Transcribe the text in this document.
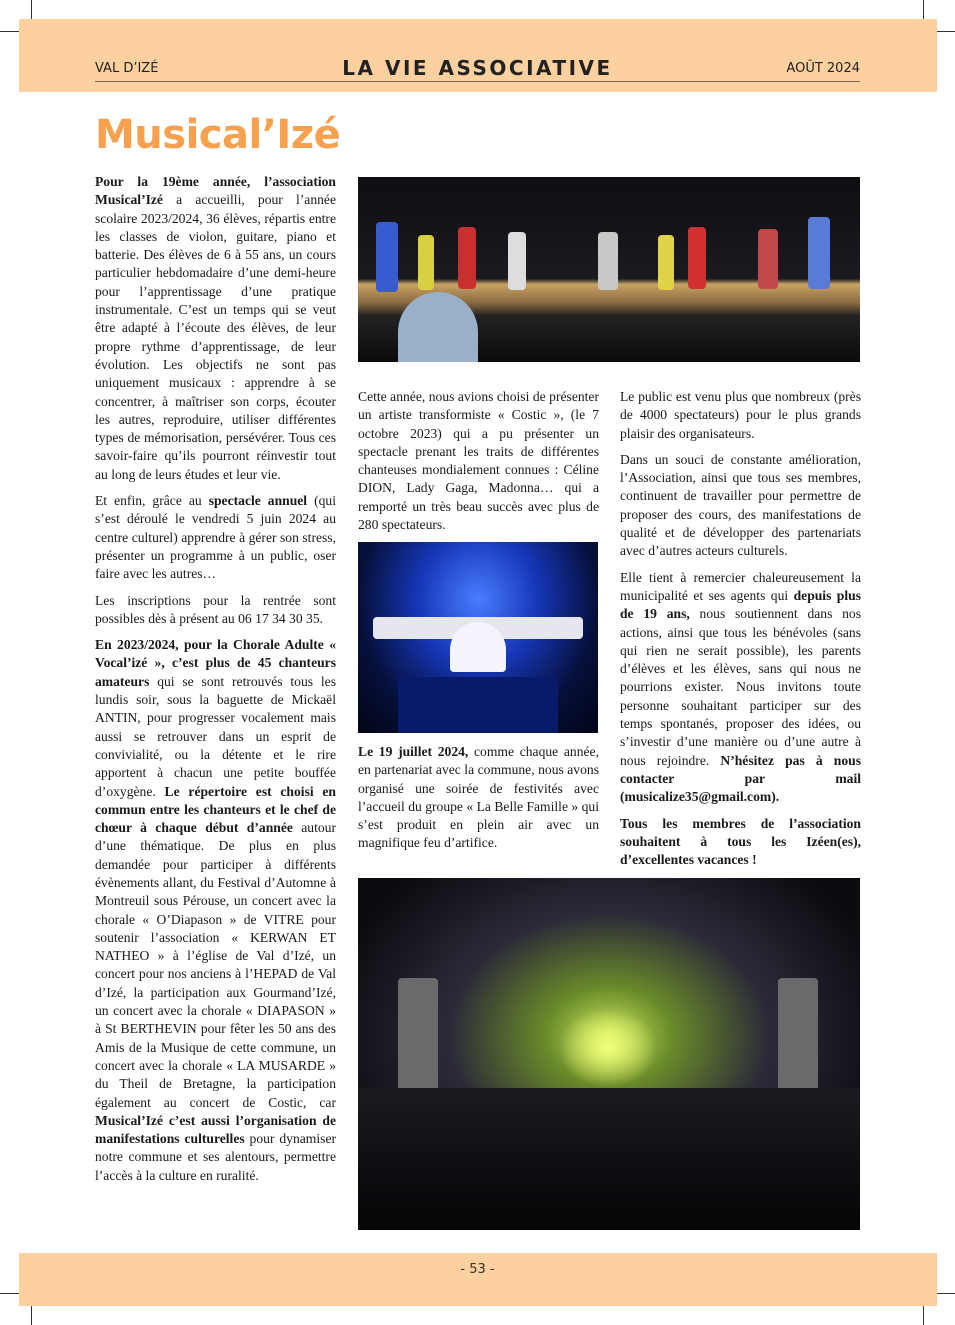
VAL D’IZÉ	LA VIE ASSOCIATIVE	AOÛT 2024
Musical’Izé

Pour la 19ème année, l’association Musical’Izé a accueilli, pour l’année scolaire 2023/2024, 36 élèves, répartis entre les classes de violon, guitare, piano et batterie. Des élèves de 6 à 55 ans, un cours particulier hebdomadaire d’une demi-heure pour l’apprentissage d’une pratique instrumentale. C’est un temps qui se veut être adapté à l’écoute des élèves, de leur propre rythme d’apprentissage, de leur évolution. Les objectifs ne sont pas uniquement musicaux : apprendre à se concentrer, à maîtriser son corps, écouter les autres, reproduire, utiliser différentes types de mémorisation, persévérer. Tous ces savoir-faire qu’ils pourront réinvestir tout au long de leurs études et leur vie.

Et enfin, grâce au spectacle annuel (qui s’est déroulé le vendredi 5 juin 2024 au centre culturel) apprendre à gérer son stress, présenter un programme à un public, oser faire avec les autres…

Les inscriptions pour la rentrée sont possibles dès à présent au 06 17 34 30 35.

En 2023/2024, pour la Chorale Adulte « Vocal’izé », c’est plus de 45 chanteurs amateurs qui se sont retrouvés tous les lundis soir, sous la baguette de Mickaël ANTIN, pour progresser vocalement mais aussi se retrouver dans un esprit de convivialité, ou la détente et le rire apportent à chacun une petite bouffée d’oxygène. Le répertoire est choisi en commun entre les chanteurs et le chef de chœur à chaque début d’année autour d’une thématique. De plus en plus demandée pour participer à différents évènements allant, du Festival d’Automne à Montreuil sous Pérouse, un concert avec la chorale « O’Diapason » de VITRE pour soutenir l’association « KERWAN ET NATHEO » à l’église de Val d’Izé, un concert pour nos anciens à l’HEPAD de Val d’Izé, la participation aux Gourmand’Izé, un concert avec la chorale « DIAPASON » à St BERTHEVIN pour fêter les 50 ans des Amis de la Musique de cette commune, un concert avec la chorale « LA MUSARDE » du Theil de Bretagne, la participation également au concert de Costic, car Musical’Izé c’est aussi l’organisation de manifestations culturelles pour dynamiser notre commune et ses alentours, permettre l’accès à la culture en ruralité.

Cette année, nous avions choisi de présenter un artiste transformiste « Costic », (le 7 octobre 2023) qui a pu présenter un spectacle prenant les traits de différentes chanteuses mondialement connues : Céline DION, Lady Gaga, Madonna… qui a remporté un très beau succès avec plus de 280 spectateurs.

Le 19 juillet 2024, comme chaque année, en partenariat avec la commune, nous avons organisé une soirée de festivités avec l’accueil du groupe « La Belle Famille » qui s’est produit en plein air avec un magnifique feu d’artifice.

Le public est venu plus que nombreux (près de 4000 spectateurs) pour le plus grands plaisir des organisateurs.

Dans un souci de constante amélioration, l’Association, ainsi que tous ses membres, continuent de travailler pour permettre de proposer des cours, des manifestations de qualité et de développer des partenariats avec d’autres acteurs culturels.

Elle tient à remercier chaleureusement la municipalité et ses agents qui depuis plus de 19 ans, nous soutiennent dans nos actions, ainsi que tous les bénévoles (sans qui rien ne serait possible), les parents d’élèves et les élèves, sans qui nous ne pourrions exister. Nous invitons toute personne souhaitant participer sur des temps spontanés, proposer des idées, ou s’investir d’une manière ou d’une autre à nous rejoindre. N’hésitez pas à nous contacter par mail (musicalize35@gmail.com).

Tous les membres de l’association souhaitent à tous les Izéen(es), d’excellentes vacances !

- 53 -
